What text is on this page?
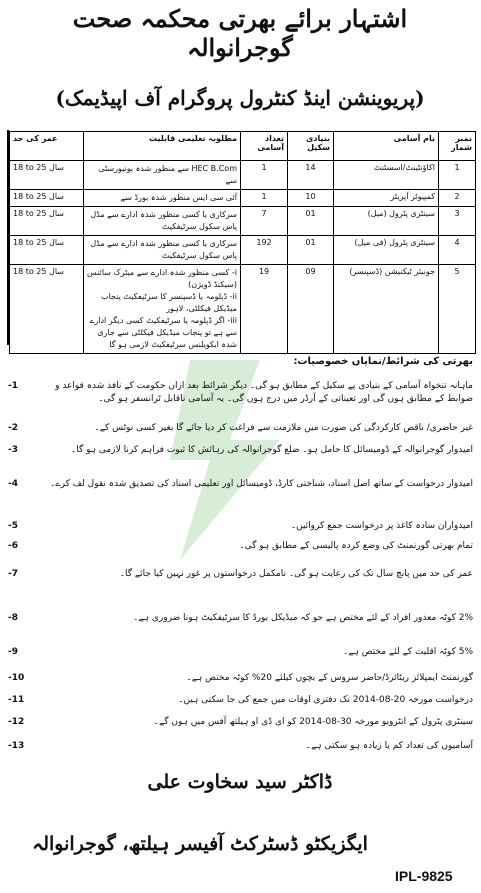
اشتہار برائے بھرتی محکمہ صحت گوجرانوالہ
(پریوینشن اینڈ کنٹرول پروگرام آف اپیڈیمک)
نمبر شمار	نام آسامی	بنیادی سکیل	تعداد آسامی	مطلوبہ تعلیمی قابلیت	عمر کی حد
1	اکاؤنٹینٹ/اسسٹنٹ	14	1	HEC B.Com سے منظور شدہ یونیورسٹی سے	18 to 25 سال
2	کمپیوٹر آپریٹر	10	1	آئی سی ایس منظور شدہ بورڈ سے	18 to 25 سال
3	سینٹری پٹرول (میل)	01	7	سرکاری یا کسی منظور شدہ ادارے سے مڈل پاس سکول سرٹیفکیٹ	18 to 25 سال
4	سینٹری پٹرول (فی میل)	01	192	سرکاری یا کسی منظور شدہ ادارے سے مڈل پاس سکول سرٹیفکیٹ	18 to 25 سال
5	جونیئر ٹیکنیشن (ڈسپنسر)	09	19	i- کسی منظور شدہ ادارے سے میٹرک سائنس (سیکنڈ ڈویژن)
ii- ڈپلومہ یا ڈسپنسر کا سرٹیفکیٹ پنجاب میڈیکل فیکلٹی، لاہور
iii- اگر ڈپلومہ یا سرٹیفکیٹ کسی دیگر ادارے سے ہے تو پنجاب میڈیکل فیکلٹی سے جاری شدہ ایکویلنس سرٹیفکیٹ لازمی ہو گا	18 to 25 سال
بھرتی کی شرائط/نمایاں خصوصیات:
-1	ماہانہ تنخواہ آسامی کے بنیادی پے سکیل کے مطابق ہو گی۔ دیگر شرائط بعد ازاں حکومت کے نافذ شدہ قواعد و ضوابط کے مطابق ہوں گی اور تعیناتی کے آرڈر میں درج ہوں گی۔ یہ آسامی ناقابل ٹرانسفر ہو گی۔
-2	غیر حاضری/ ناقص کارکردگی کی صورت میں ملازمت سے فراغت کر دیا جائے گا بغیر کسی نوٹس کے۔
-3	امیدوار گوجرانوالہ کے ڈومیسائل کا حامل ہو۔ ضلع گوجرانوالہ کی رہائش کا ثبوت فراہم کرنا لازمی ہو گا۔
-4	امیدوار درخواست کے ساتھ اصل اسناد، شناختی کارڈ، ڈومیسائل اور تعلیمی اسناد کی تصدیق شدہ نقول لف کرے۔
-5	امیدواران سادہ کاغذ پر درخواست جمع کروائیں۔
-6	تمام بھرتی گورنمنٹ کی وضع کردہ پالیسی کے مطابق ہو گی۔
-7	عمر کی حد میں پانچ سال تک کی رعایت ہو گی۔ نامکمل درخواستوں پر غور نہیں کیا جائے گا۔
-8	2% کوٹہ معذور افراد کے لئے مختص ہے جو کہ میڈیکل بورڈ کا سرٹیفکیٹ ہونا ضروری ہے۔
-9	5% کوٹہ اقلیت کے لئے مختص ہے۔
-10	گورنمنٹ ایمپلائز ریٹائرڈ/حاضر سروس کے بچوں کیلئے 20% کوٹہ مختص ہے۔
-11	درخواست مورخہ 20-08-2014 تک دفتری اوقات میں جمع کی جا سکتی ہیں۔
-12	سینٹری پٹرول کے انٹرویو مورخہ 30-08-2014 کو ای ڈی او ہیلتھ آفس میں ہوں گے۔
-13	آسامیوں کی تعداد کم یا زیادہ ہو سکتی ہے۔
ڈاکٹر سید سخاوت علی
ایگزیکٹو ڈسٹرکٹ آفیسر ہیلتھ، گوجرانوالہ
IPL-9825
